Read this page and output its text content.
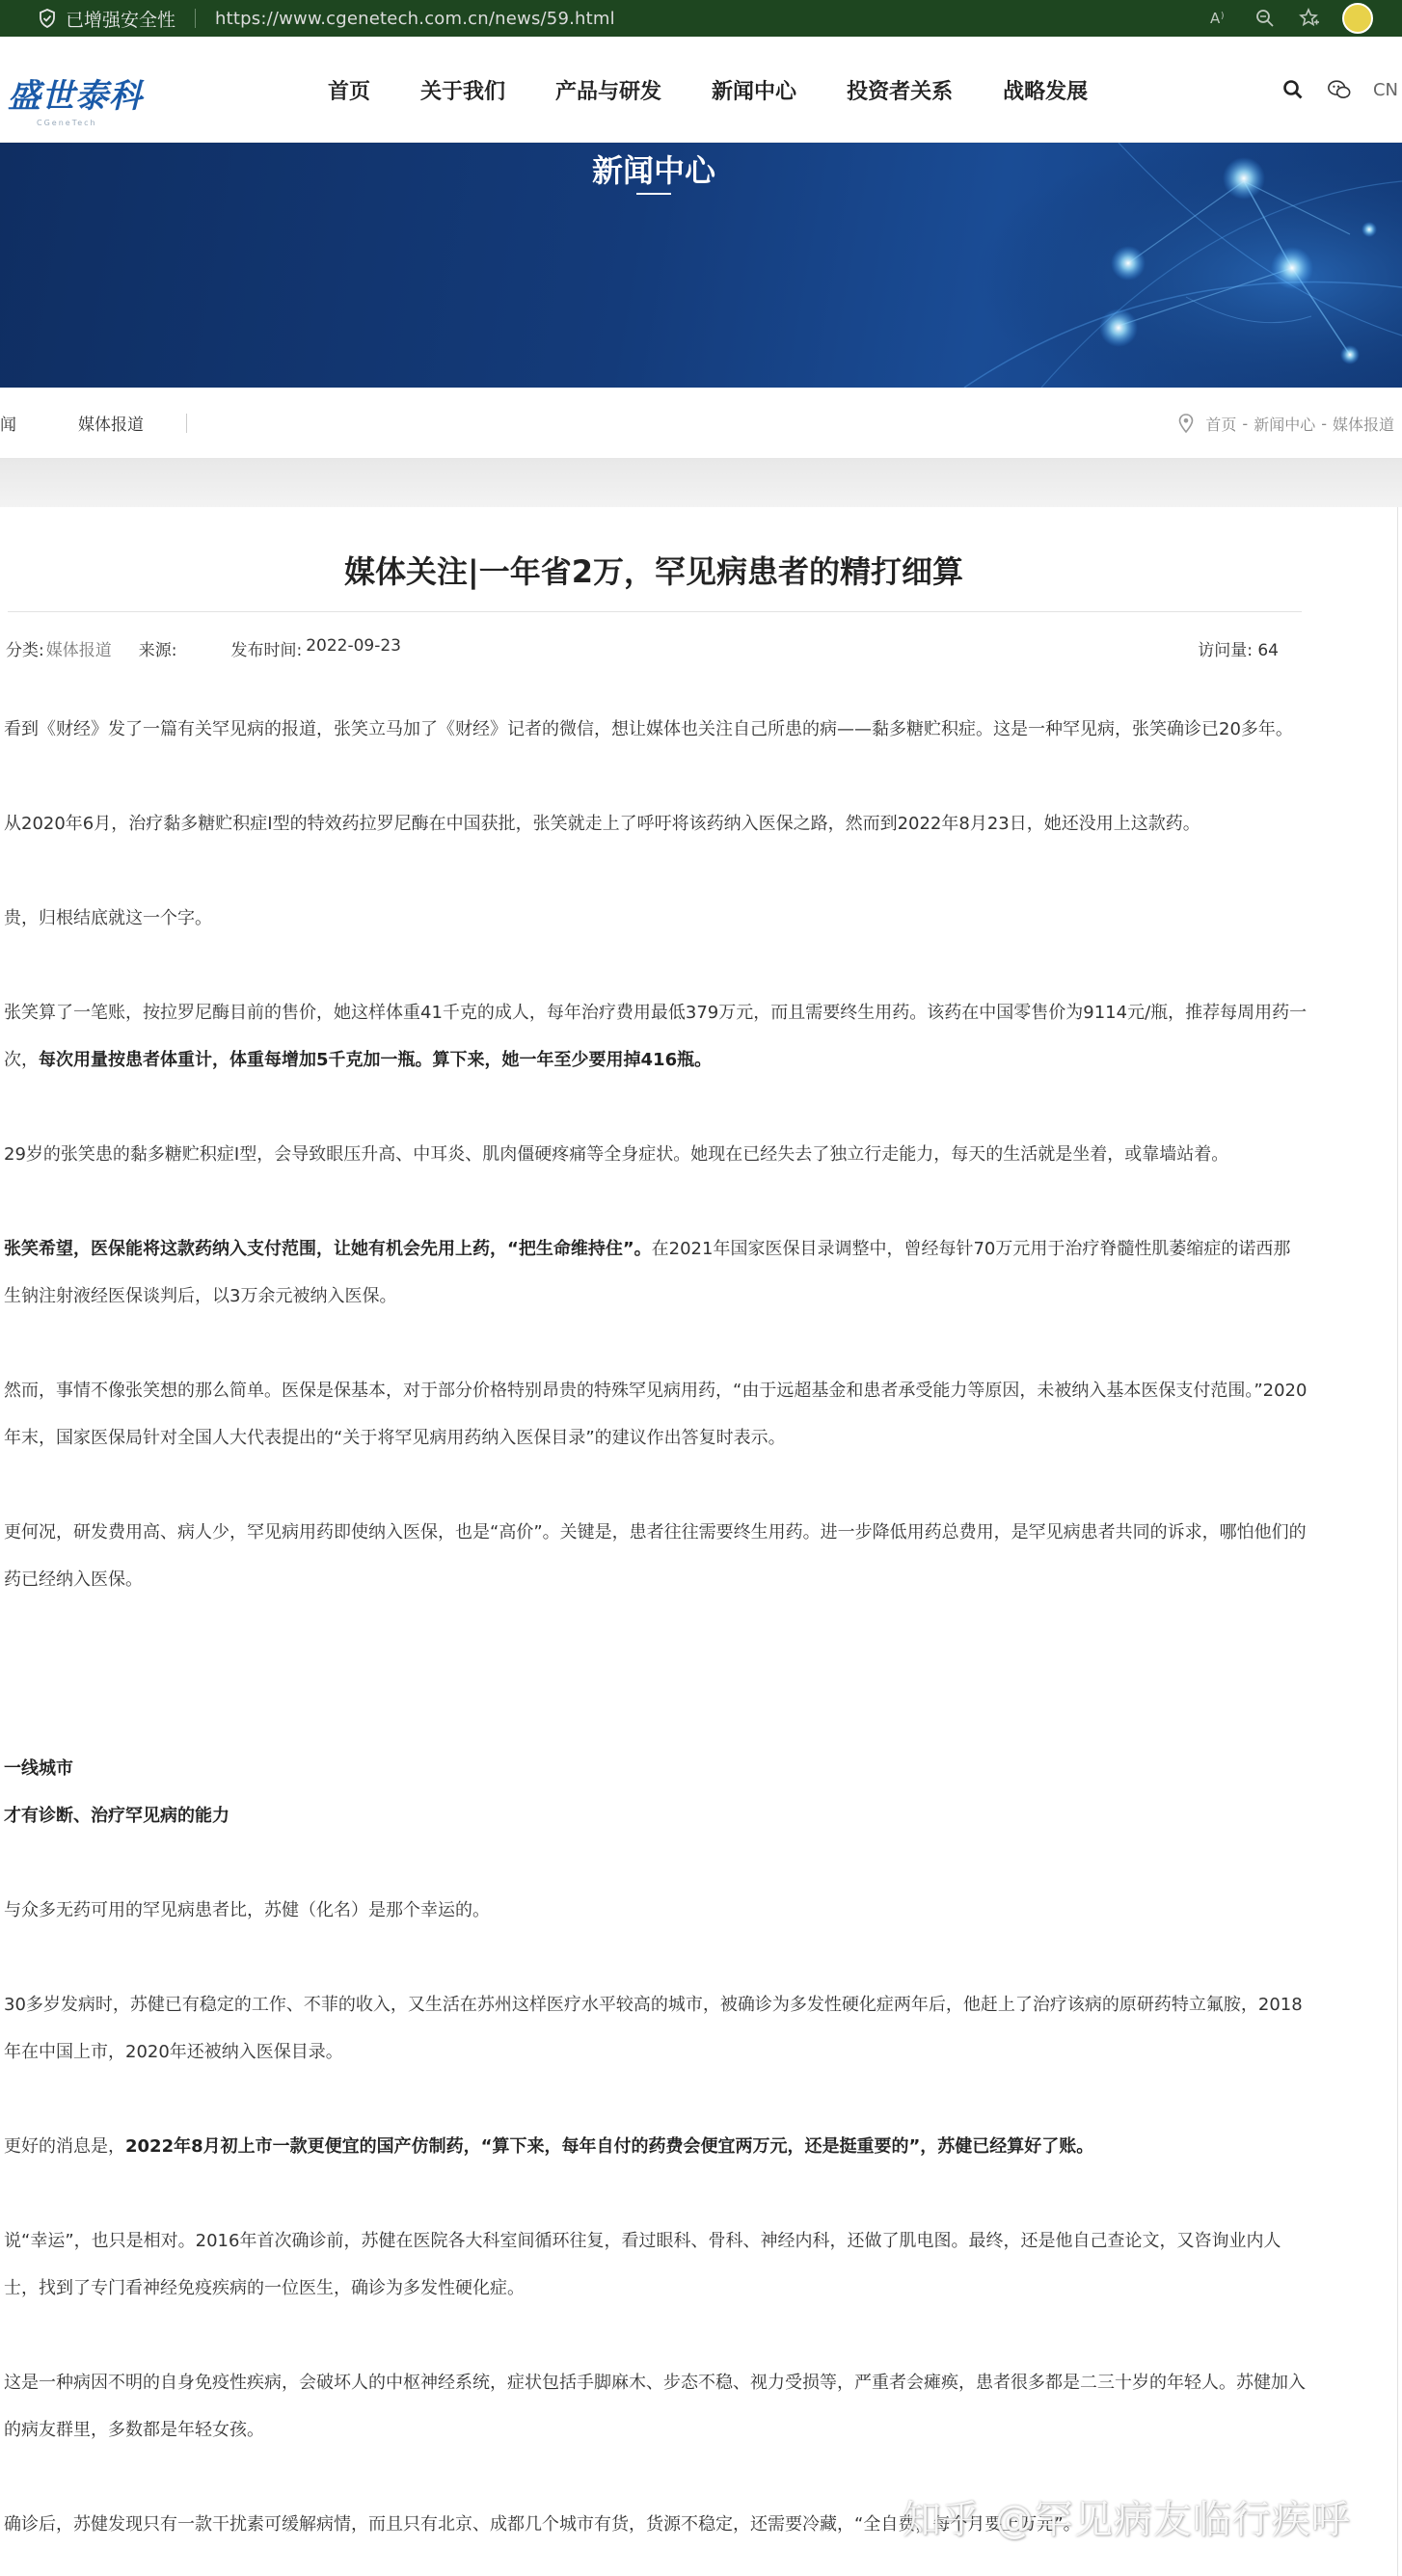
已增强安全性 https://www.cgenetech.com.cn/news/59.html	A )
盛世泰科
CGeneTech
首页 关于我们 产品与研发 新闻中心 投资者关系 战略发展	CN
新闻中心
闻	媒体报道	首页 - 新闻中心 - 媒体报道
媒体关注|一年省2万，罕见病患者的精打细算
分类: 媒体报道 来源:	发布时间: 2022-09-23	访问量: 64

看到《财经》发了一篇有关罕见病的报道，张笑立马加了《财经》记者的微信，想让媒体也关注自己所患的病——黏多糖贮积症。这是一种罕见病，张笑确诊已20多年。

从2020年6月，治疗黏多糖贮积症Ⅰ型的特效药拉罗尼酶在中国获批，张笑就走上了呼吁将该药纳入医保之路，然而到2022年8月23日，她还没用上这款药。

贵，归根结底就这一个字。

张笑算了一笔账，按拉罗尼酶目前的售价，她这样体重41千克的成人，每年治疗费用最低379万元，而且需要终生用药。该药在中国零售价为9114元/瓶，推荐每周用药一次，每次用量按患者体重计，体重每增加5千克加一瓶。算下来，她一年至少要用掉416瓶。

29岁的张笑患的黏多糖贮积症Ⅰ型，会导致眼压升高、中耳炎、肌肉僵硬疼痛等全身症状。她现在已经失去了独立行走能力，每天的生活就是坐着，或靠墙站着。

张笑希望，医保能将这款药纳入支付范围，让她有机会先用上药，“把生命维持住”。在2021年国家医保目录调整中，曾经每针70万元用于治疗脊髓性肌萎缩症的诺西那生钠注射液经医保谈判后，以3万余元被纳入医保。

然而，事情不像张笑想的那么简单。医保是保基本，对于部分价格特别昂贵的特殊罕见病用药，“由于远超基金和患者承受能力等原因，未被纳入基本医保支付范围。”2020年末，国家医保局针对全国人大代表提出的“关于将罕见病用药纳入医保目录”的建议作出答复时表示。

更何况，研发费用高、病人少，罕见病用药即使纳入医保，也是“高价”。关键是，患者往往需要终生用药。进一步降低用药总费用，是罕见病患者共同的诉求，哪怕他们的药已经纳入医保。

一线城市

才有诊断、治疗罕见病的能力

与众多无药可用的罕见病患者比，苏健（化名）是那个幸运的。

30多岁发病时，苏健已有稳定的工作、不菲的收入，又生活在苏州这样医疗水平较高的城市，被确诊为多发性硬化症两年后，他赶上了治疗该病的原研药特立氟胺，2018年在中国上市，2020年还被纳入医保目录。

更好的消息是，2022年8月初上市一款更便宜的国产仿制药，“算下来，每年自付的药费会便宜两万元，还是挺重要的”，苏健已经算好了账。

说“幸运”，也只是相对。2016年首次确诊前，苏健在医院各大科室间循环往复，看过眼科、骨科、神经内科，还做了肌电图。最终，还是他自己查论文，又咨询业内人士，找到了专门看神经免疫疾病的一位医生，确诊为多发性硬化症。

这是一种病因不明的自身免疫性疾病，会破坏人的中枢神经系统，症状包括手脚麻木、步态不稳、视力受损等，严重者会瘫痪，患者很多都是二三十岁的年轻人。苏健加入的病友群里，多数都是年轻女孩。

确诊后，苏健发现只有一款干扰素可缓解病情，而且只有北京、成都几个城市有货，货源不稳定，还需要冷藏，“全自费，每个月要上万元”。

知乎 @罕见病友临行疾呼
